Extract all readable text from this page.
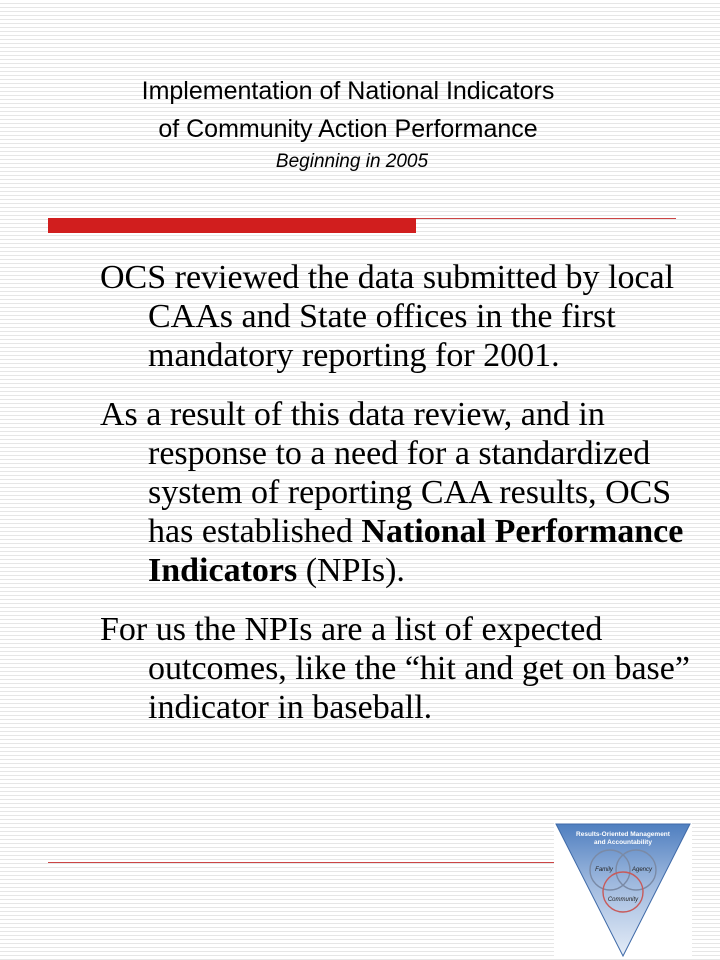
Implementation of National Indicators
of Community Action Performance
Beginning in 2005

OCS reviewed the data submitted by local CAAs and State offices in the first mandatory reporting for 2001.

As a result of this data review, and in response to a need for a standardized system of reporting CAA results, OCS has established National Performance Indicators (NPIs).

For us the NPIs are a list of expected outcomes, like the “hit and get on base” indicator in baseball.

Results-Oriented Management
and Accountability
Family	Agency
Community
